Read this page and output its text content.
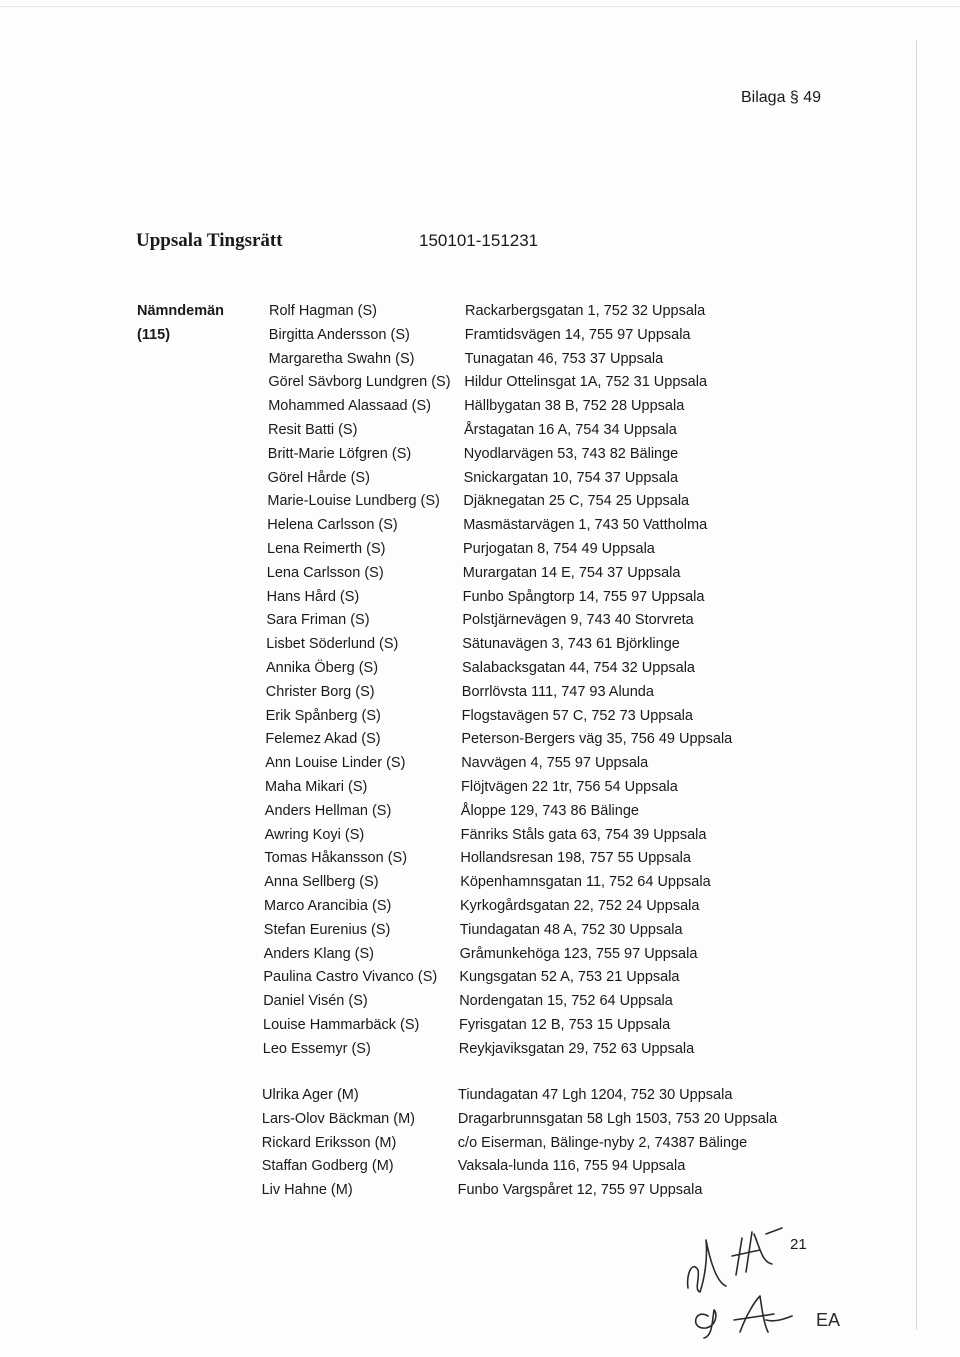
Bilaga § 49
Uppsala Tingsrätt	150101-151231
Nämndemän
(115)
Rolf Hagman (S)	Rackarbergsgatan 1, 752 32 Uppsala
Birgitta Andersson (S)	Framtidsvägen 14, 755 97 Uppsala
Margaretha Swahn (S)	Tunagatan 46, 753 37 Uppsala
Görel Sävborg Lundgren (S) Hildur Ottelinsgat 1A, 752 31 Uppsala
Mohammed Alassaad (S) Hällbygatan 38 B, 752 28 Uppsala
Resit Batti (S)	Årstagatan 16 A, 754 34 Uppsala
Britt-Marie Löfgren (S)	Nyodlarvägen 53, 743 82 Bälinge
Görel Hårde (S)	Snickargatan 10, 754 37 Uppsala
Marie-Louise Lundberg (S) Djäknegatan 25 C, 754 25 Uppsala
Helena Carlsson (S)	Masmästarvägen 1, 743 50 Vattholma
Lena Reimerth (S)	Purjogatan 8, 754 49 Uppsala
Lena Carlsson (S)	Murargatan 14 E, 754 37 Uppsala
Hans Hård (S)	Funbo Spångtorp 14, 755 97 Uppsala
Sara Friman (S)	Polstjärnevägen 9, 743 40 Storvreta
Lisbet Söderlund (S)	Sätunavägen 3, 743 61 Björklinge
Annika Öberg (S)	Salabacksgatan 44, 754 32 Uppsala
Christer Borg (S)	Borrlövsta 111, 747 93 Alunda
Erik Spånberg (S)	Flogstavägen 57 C, 752 73 Uppsala
Felemez Akad (S)	Peterson-Bergers väg 35, 756 49 Uppsala
Ann Louise Linder (S)	Navvägen 4, 755 97 Uppsala
Maha Mikari (S)	Flöjtvägen 22 1tr, 756 54 Uppsala
Anders Hellman (S)	Åloppe 129, 743 86 Bälinge
Awring Koyi (S)	Fänriks Ståls gata 63, 754 39 Uppsala
Tomas Håkansson (S)	Hollandsresan 198, 757 55 Uppsala
Anna Sellberg (S)	Köpenhamnsgatan 11, 752 64 Uppsala
Marco Arancibia (S)	Kyrkogårdsgatan 22, 752 24 Uppsala
Stefan Eurenius (S)	Tiundagatan 48 A, 752 30 Uppsala
Anders Klang (S)	Gråmunkehöga 123, 755 97 Uppsala
Paulina Castro Vivanco (S) Kungsgatan 52 A, 753 21 Uppsala
Daniel Visén (S)	Nordengatan 15, 752 64 Uppsala
Louise Hammarbäck (S)	Fyrisgatan 12 B, 753 15 Uppsala
Leo Essemyr (S)	Reykjaviksgatan 29, 752 63 Uppsala
Ulrika Ager (M)	Tiundagatan 47 Lgh 1204, 752 30 Uppsala
Lars-Olov Bäckman (M)	Dragarbrunnsgatan 58 Lgh 1503, 753 20 Uppsala
Rickard Eriksson (M)	c/o Eiserman, Bälinge-nyby 2, 74387 Bälinge
Staffan Godberg (M)	Vaksala-lunda 116, 755 94 Uppsala
Liv Hahne (M)	Funbo Vargspåret 12, 755 97 Uppsala
21
EA
